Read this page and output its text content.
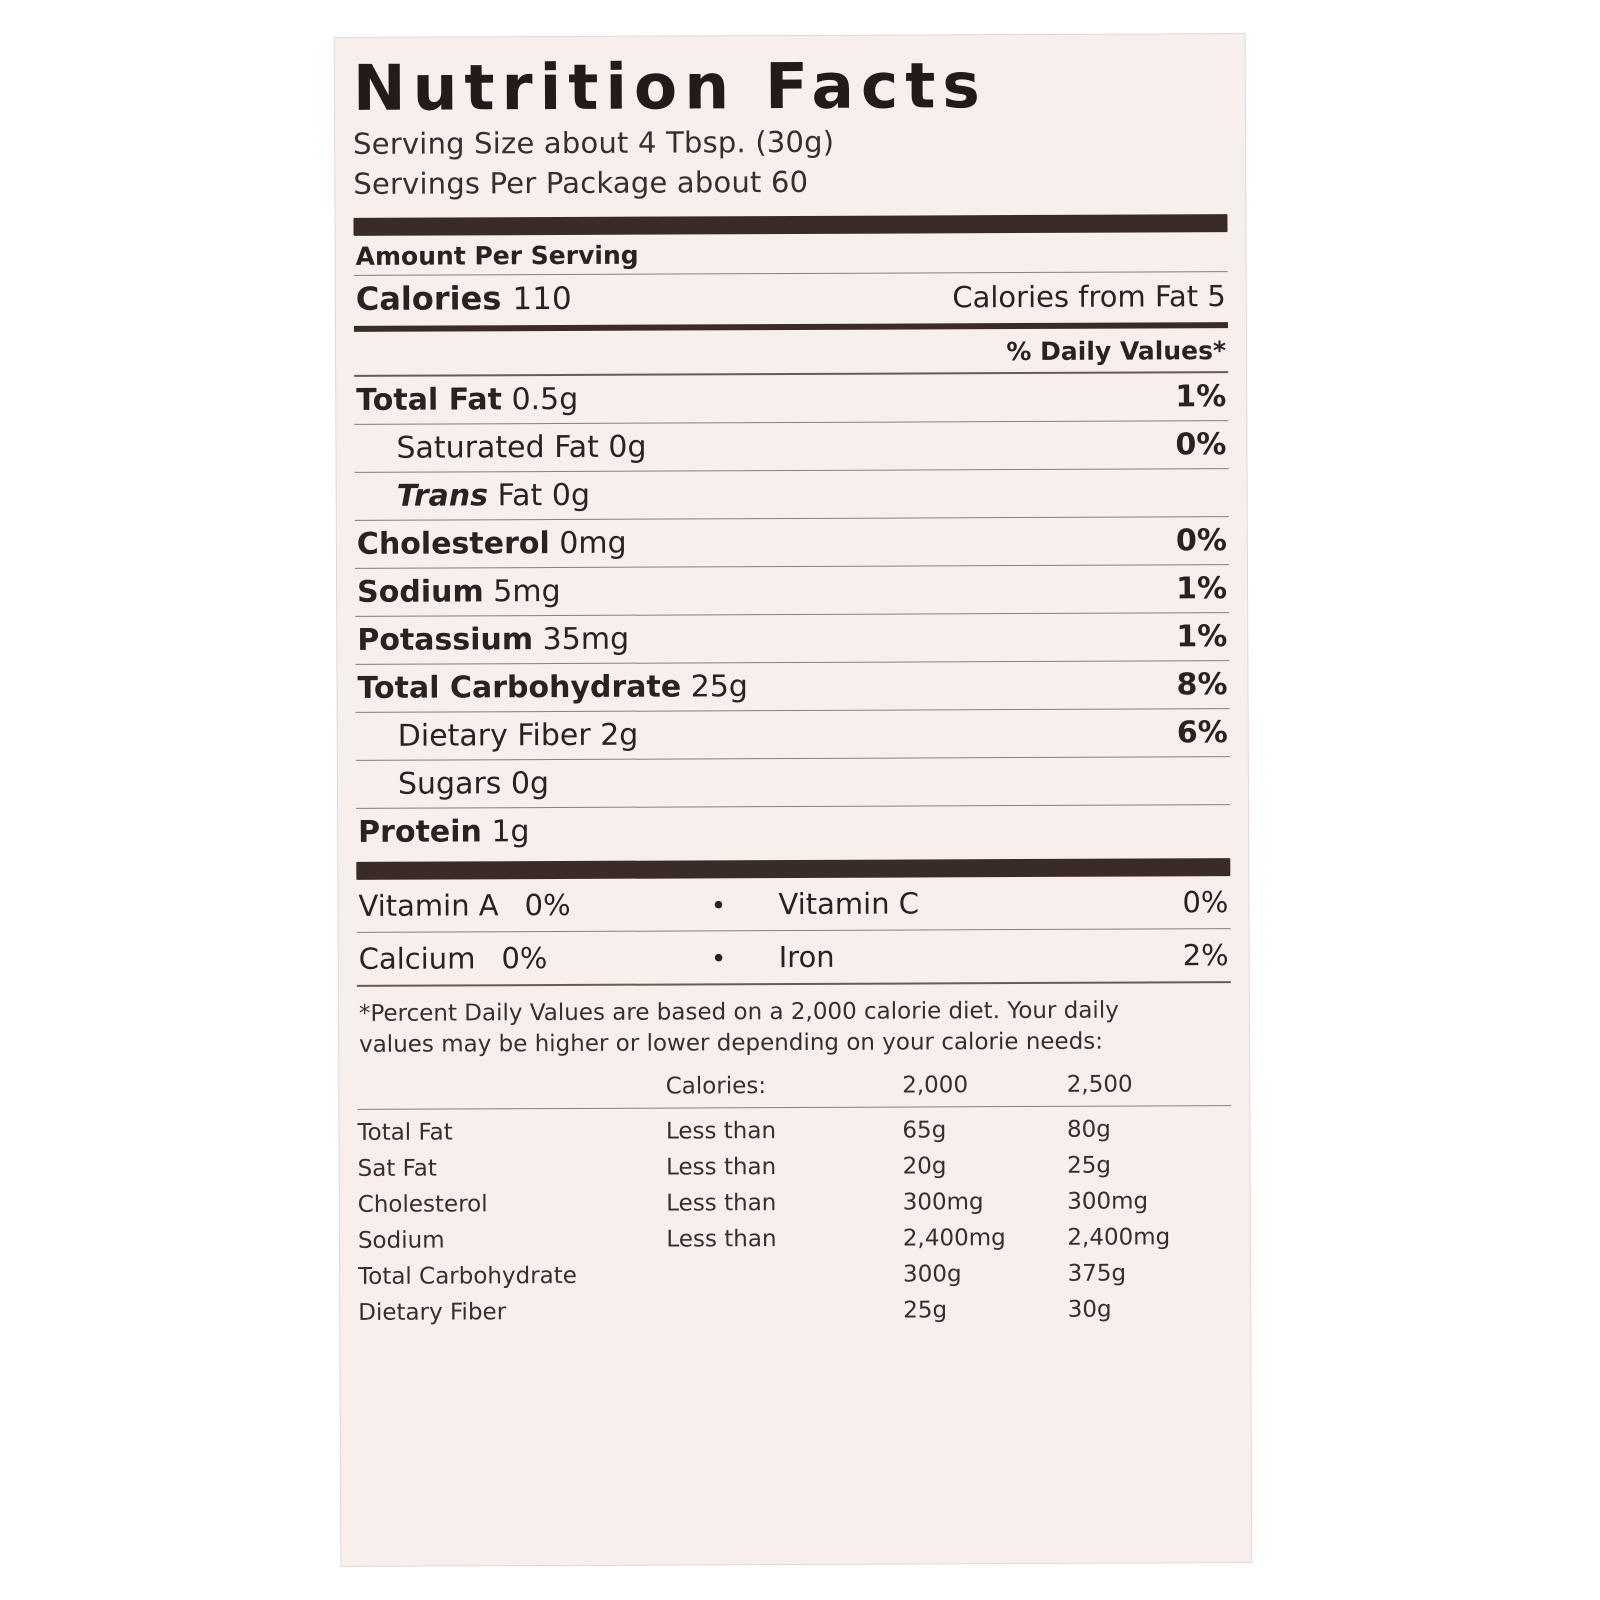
Nutrition Facts
Serving Size about 4 Tbsp. (30g)
Servings Per Package about 60
Amount Per Serving
Calories 110	Calories from Fat 5
% Daily Values*
Total Fat 0.5g	1%
Saturated Fat 0g	0%
Trans Fat 0g
Cholesterol 0mg	0%
Sodium 5mg	1%
Potassium 35mg	1%
Total Carbohydrate 25g	8%
Dietary Fiber 2g	6%
Sugars 0g
Protein 1g
Vitamin A 0%	•	Vitamin C	0%
Calcium 0%	•	Iron	2%
*Percent Daily Values are based on a 2,000 calorie diet. Your daily
values may be higher or lower depending on your calorie needs:
	Calories:	2,000	2,500

Total Fat	Less than	65g	80g
Sat Fat	Less than	20g	25g
Cholesterol	Less than	300mg	300mg
Sodium	Less than	2,400mg	2,400mg
Total Carbohydrate		300g	375g
Dietary Fiber		25g	30g
